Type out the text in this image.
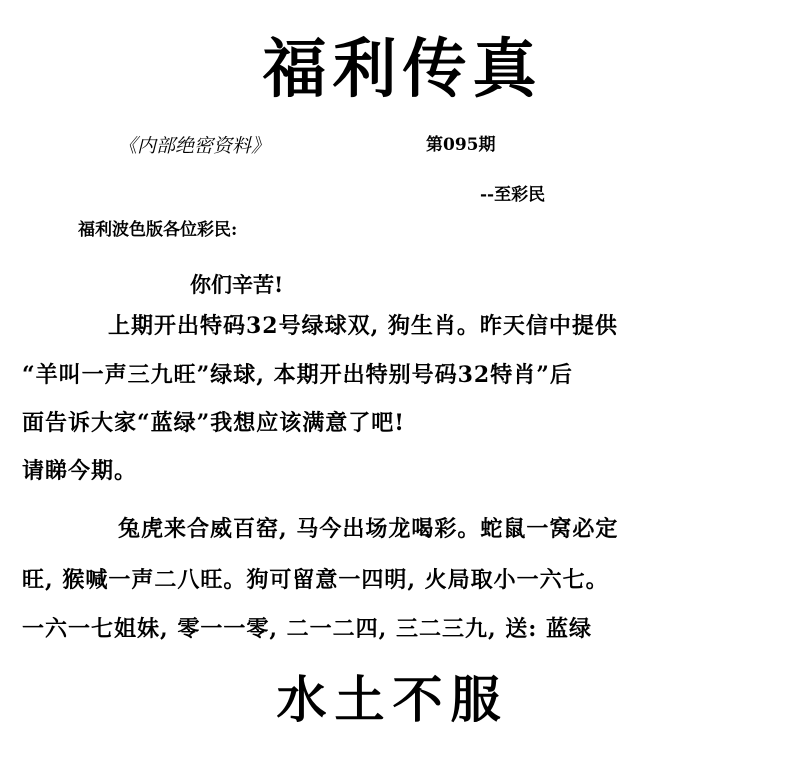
福利传真
《内部绝密资料》	第095期
--至彩民
福利波色版各位彩民:
你们辛苦!
上期开出特码32号绿球双, 狗生肖。昨天信中提供
“羊叫一声三九旺”绿球, 本期开出特别号码32特肖”后
面告诉大家“蓝绿”我想应该满意了吧!
请睇今期。
兔虎来合威百窑, 马今出场龙喝彩。蛇鼠一窝必定
旺, 猴喊一声二八旺。狗可留意一四明, 火局取小一六七。
一六一七姐妹, 零一一零, 二一二四, 三二三九, 送: 蓝绿
水土不服
